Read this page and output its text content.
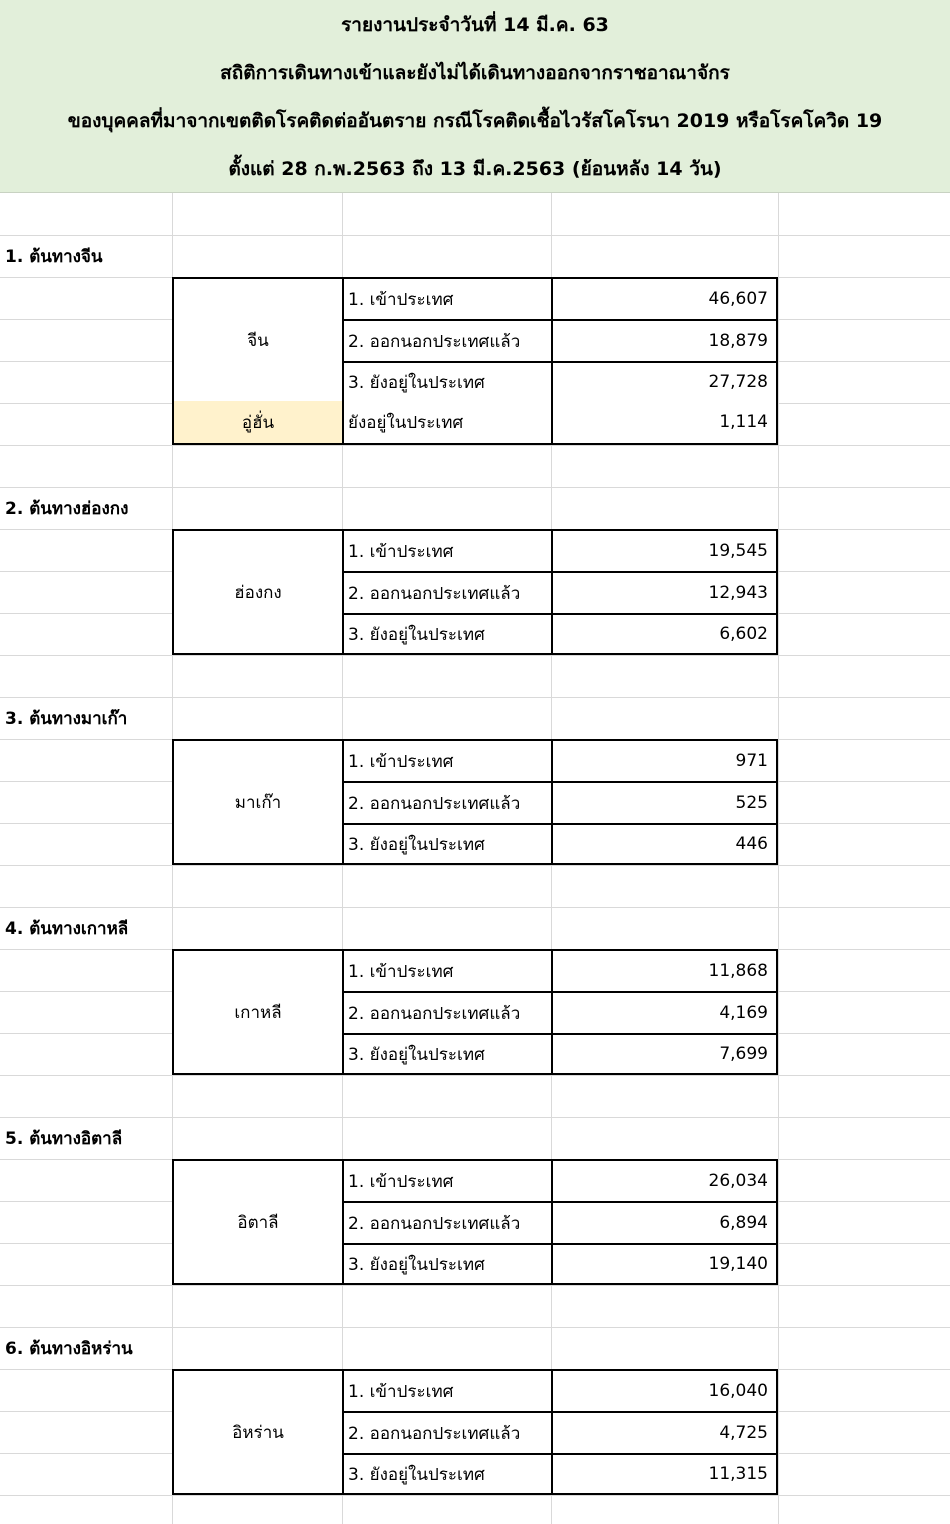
รายงานประจำวันที่ 14 มี.ค. 63
สถิติการเดินทางเข้าและยังไม่ได้เดินทางออกจากราชอาณาจักร
ของบุคคลที่มาจากเขตติดโรคติดต่ออันตราย กรณีโรคติดเชื้อไวรัสโคโรนา 2019 หรือโรคโควิด 19
ตั้งแต่ 28 ก.พ.2563 ถึง 13 มี.ค.2563 (ย้อนหลัง 14 วัน)
1. ต้นทางจีน
จีน
1. เข้าประเทศ	46,607
2. ออกนอกประเทศแล้ว	18,879
3. ยังอยู่ในประเทศ	27,728
อู่ฮั่น	ยังอยู่ในประเทศ	1,114
2. ต้นทางฮ่องกง
ฮ่องกง
1. เข้าประเทศ	19,545
2. ออกนอกประเทศแล้ว	12,943
3. ยังอยู่ในประเทศ	6,602
3. ต้นทางมาเก๊า
มาเก๊า
1. เข้าประเทศ	971
2. ออกนอกประเทศแล้ว	525
3. ยังอยู่ในประเทศ	446
4. ต้นทางเกาหลี
เกาหลี
1. เข้าประเทศ	11,868
2. ออกนอกประเทศแล้ว	4,169
3. ยังอยู่ในประเทศ	7,699
5. ต้นทางอิตาลี
อิตาลี
1. เข้าประเทศ	26,034
2. ออกนอกประเทศแล้ว	6,894
3. ยังอยู่ในประเทศ	19,140
6. ต้นทางอิหร่าน
อิหร่าน
1. เข้าประเทศ	16,040
2. ออกนอกประเทศแล้ว	4,725
3. ยังอยู่ในประเทศ	11,315
